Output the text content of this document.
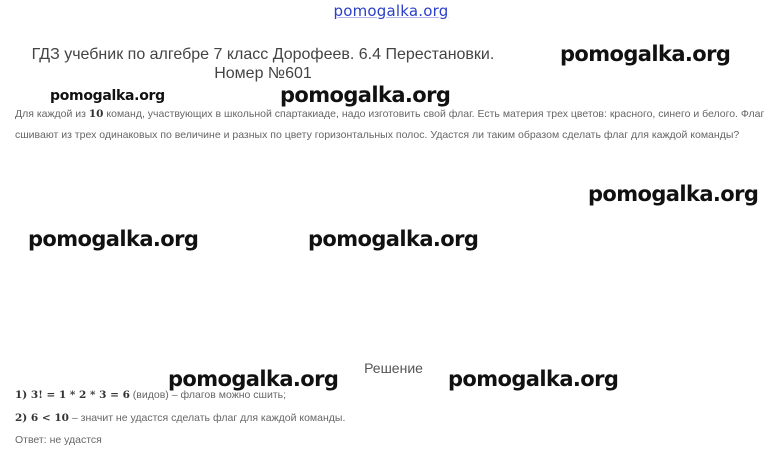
pomogalka.org
ГДЗ учебник по алгебре 7 класс Дорофеев. 6.4 Перестановки.
Номер №601
pomogalka.org
pomogalka.org	pomogalka.org
pomogalka.org
pomogalka.org	pomogalka.org
Для каждой из 10 команд, участвующих в школьной спартакиаде, надо изготовить свой флаг. Есть материя трех цветов: красного, синего и белого. Флаг сшивают из трех одинаковых по величине и разных по цвету горизонтальных полос. Удастся ли таким образом сделать флаг для каждой команды?
Решение
pomogalka.org	pomogalka.org
1) 3! = 1 * 2 * 3 = 6 (видов) – флагов можно сшить;
2) 6 < 10 – значит не удастся сделать флаг для каждой команды.
Ответ: не удастся
